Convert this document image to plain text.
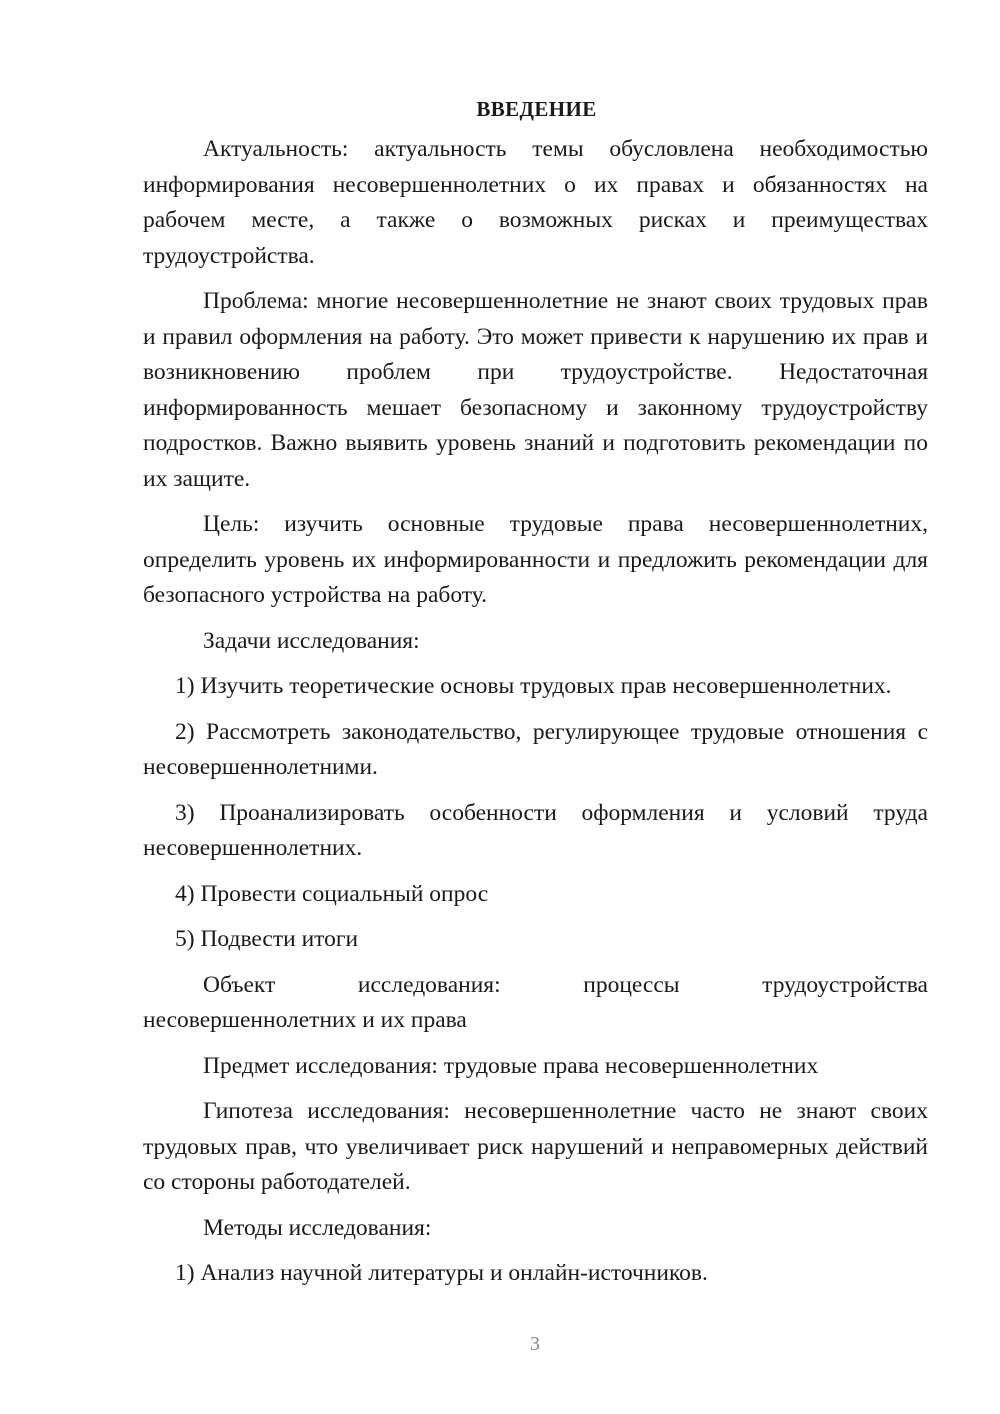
ВВЕДЕНИЕ

Актуальность: актуальность темы обусловлена необходимостью информирования несовершеннолетних о их правах и обязанностях на рабочем месте, а также о возможных рисках и преимуществах трудоустройства.

Проблема: многие несовершеннолетние не знают своих трудовых прав и правил оформления на работу. Это может привести к нарушению их прав и возникновению проблем при трудоустройстве. Недостаточная информированность мешает безопасному и законному трудоустройству подростков. Важно выявить уровень знаний и подготовить рекомендации по их защите.

Цель: изучить основные трудовые права несовершеннолетних, определить уровень их информированности и предложить рекомендации для безопасного устройства на работу.

Задачи исследования:

1) Изучить теоретические основы трудовых прав несовершеннолетних.

2) Рассмотреть законодательство, регулирующее трудовые отношения с несовершеннолетними.

3) Проанализировать особенности оформления и условий труда несовершеннолетних.

4) Провести социальный опрос

5) Подвести итоги

Объект исследования: процессы трудоустройства

несовершеннолетних и их права

Предмет исследования: трудовые права несовершеннолетних

Гипотеза исследования: несовершеннолетние часто не знают своих трудовых прав, что увеличивает риск нарушений и неправомерных действий со стороны работодателей.

Методы исследования:

1) Анализ научной литературы и онлайн-источников.

3
